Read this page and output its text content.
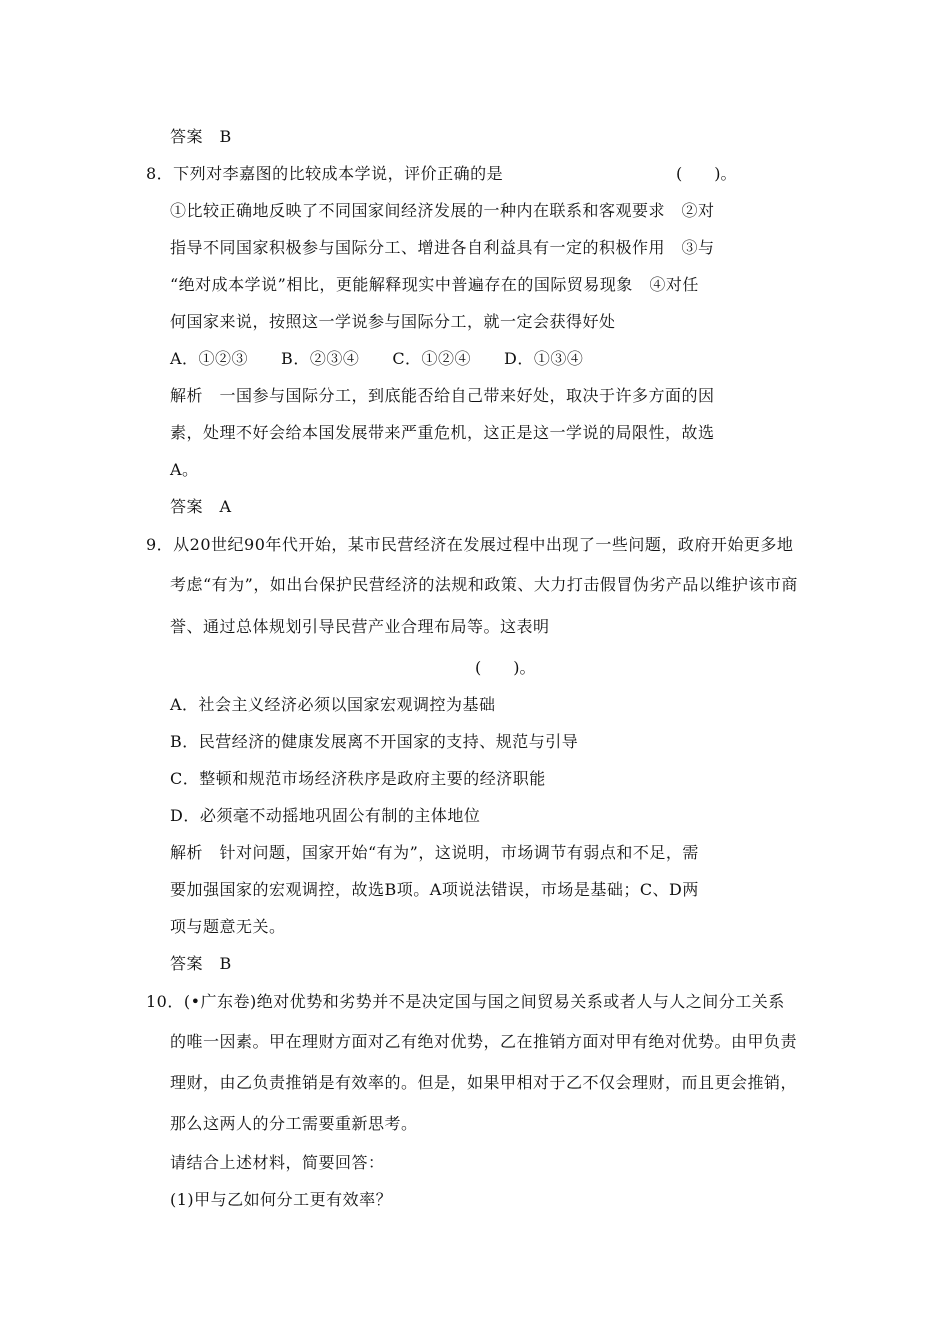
答案　B
8．下列对李嘉图的比较成本学说，评价正确的是	(　　)。
①比较正确地反映了不同国家间经济发展的一种内在联系和客观要求　②对
指导不同国家积极参与国际分工、增进各自利益具有一定的积极作用　③与
“绝对成本学说”相比，更能解释现实中普遍存在的国际贸易现象　④对任
何国家来说，按照这一学说参与国际分工，就一定会获得好处
A．①②③　　B．②③④　　C．①②④　　D．①③④
解析　一国参与国际分工，到底能否给自己带来好处，取决于许多方面的因
素，处理不好会给本国发展带来严重危机，这正是这一学说的局限性，故选
A。
答案　A
9．从20世纪90年代开始，某市民营经济在发展过程中出现了一些问题，政府开始更多地
考虑“有为”，如出台保护民营经济的法规和政策、大力打击假冒伪劣产品以维护该市商
誉、通过总体规划引导民营产业合理布局等。这表明
(　　)。
A．社会主义经济必须以国家宏观调控为基础
B．民营经济的健康发展离不开国家的支持、规范与引导
C．整顿和规范市场经济秩序是政府主要的经济职能
D．必须毫不动摇地巩固公有制的主体地位
解析　针对问题，国家开始“有为”，这说明，市场调节有弱点和不足，需
要加强国家的宏观调控，故选B项。A项说法错误，市场是基础；C、D两
项与题意无关。
答案　B
10．(•广东卷)绝对优势和劣势并不是决定国与国之间贸易关系或者人与人之间分工关系
的唯一因素。甲在理财方面对乙有绝对优势，乙在推销方面对甲有绝对优势。由甲负责
理财，由乙负责推销是有效率的。但是，如果甲相对于乙不仅会理财，而且更会推销，
那么这两人的分工需要重新思考。
请结合上述材料，简要回答：
(1)甲与乙如何分工更有效率？
